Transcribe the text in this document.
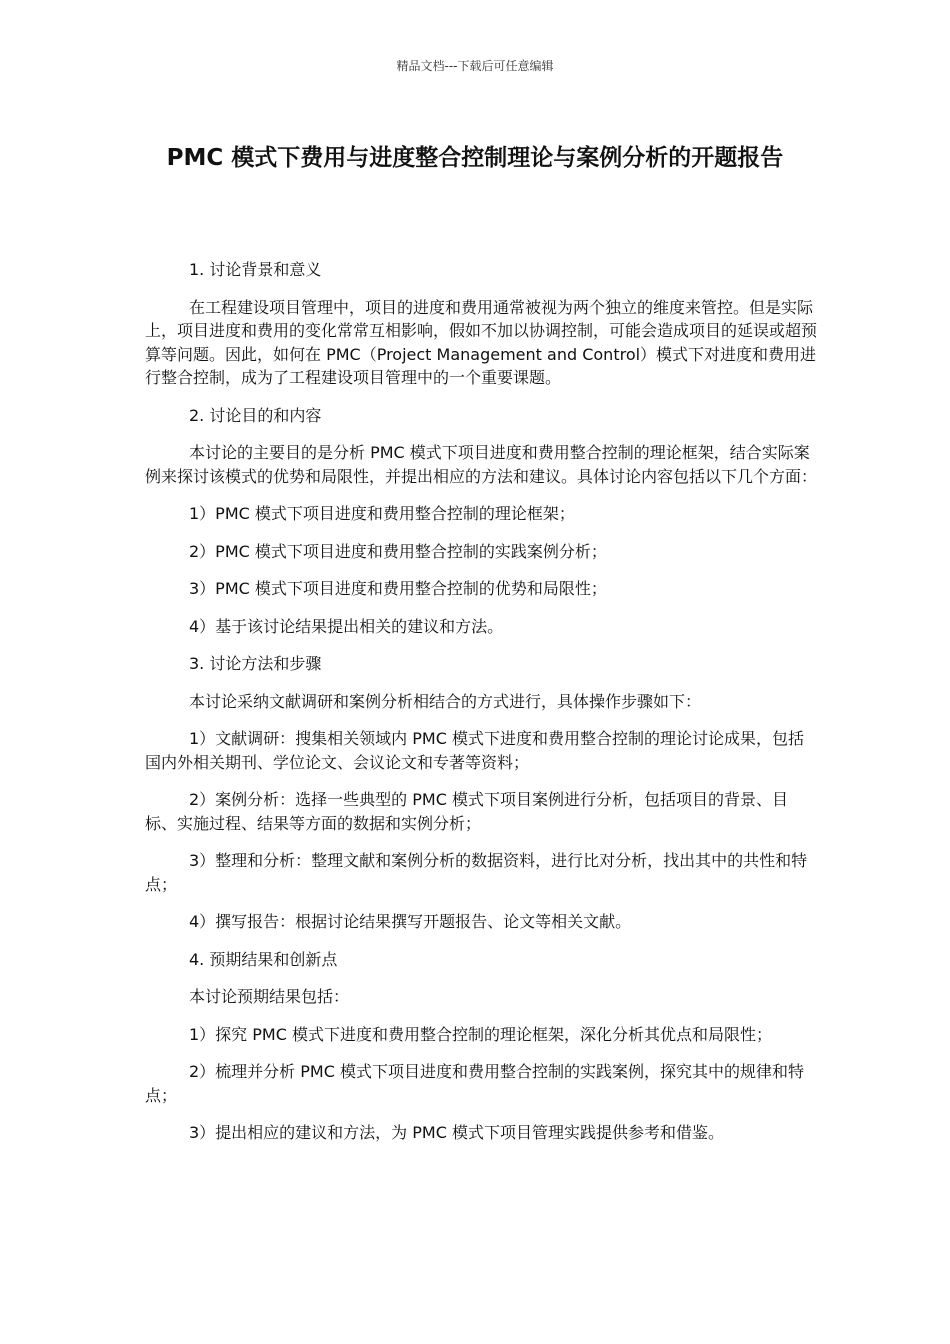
精品文档---下载后可任意编辑
PMC 模式下费用与进度整合控制理论与案例分析的开题报告

1. 讨论背景和意义

在工程建设项目管理中，项目的进度和费用通常被视为两个独立的维度来管控。但是实际上，项目进度和费用的变化常常互相影响，假如不加以协调控制，可能会造成项目的延误或超预算等问题。因此，如何在 PMC（Project Management and Control）模式下对进度和费用进行整合控制，成为了工程建设项目管理中的一个重要课题。

2. 讨论目的和内容

本讨论的主要目的是分析 PMC 模式下项目进度和费用整合控制的理论框架，结合实际案例来探讨该模式的优势和局限性，并提出相应的方法和建议。具体讨论内容包括以下几个方面：

1）PMC 模式下项目进度和费用整合控制的理论框架；

2）PMC 模式下项目进度和费用整合控制的实践案例分析；

3）PMC 模式下项目进度和费用整合控制的优势和局限性；

4）基于该讨论结果提出相关的建议和方法。

3. 讨论方法和步骤

本讨论采纳文献调研和案例分析相结合的方式进行，具体操作步骤如下：

1）文献调研：搜集相关领域内 PMC 模式下进度和费用整合控制的理论讨论成果，包括国内外相关期刊、学位论文、会议论文和专著等资料；

2）案例分析：选择一些典型的 PMC 模式下项目案例进行分析，包括项目的背景、目标、实施过程、结果等方面的数据和实例分析；

3）整理和分析：整理文献和案例分析的数据资料，进行比对分析，找出其中的共性和特点；

4）撰写报告：根据讨论结果撰写开题报告、论文等相关文献。

4. 预期结果和创新点

本讨论预期结果包括：

1）探究 PMC 模式下进度和费用整合控制的理论框架，深化分析其优点和局限性；

2）梳理并分析 PMC 模式下项目进度和费用整合控制的实践案例，探究其中的规律和特点；

3）提出相应的建议和方法，为 PMC 模式下项目管理实践提供参考和借鉴。
